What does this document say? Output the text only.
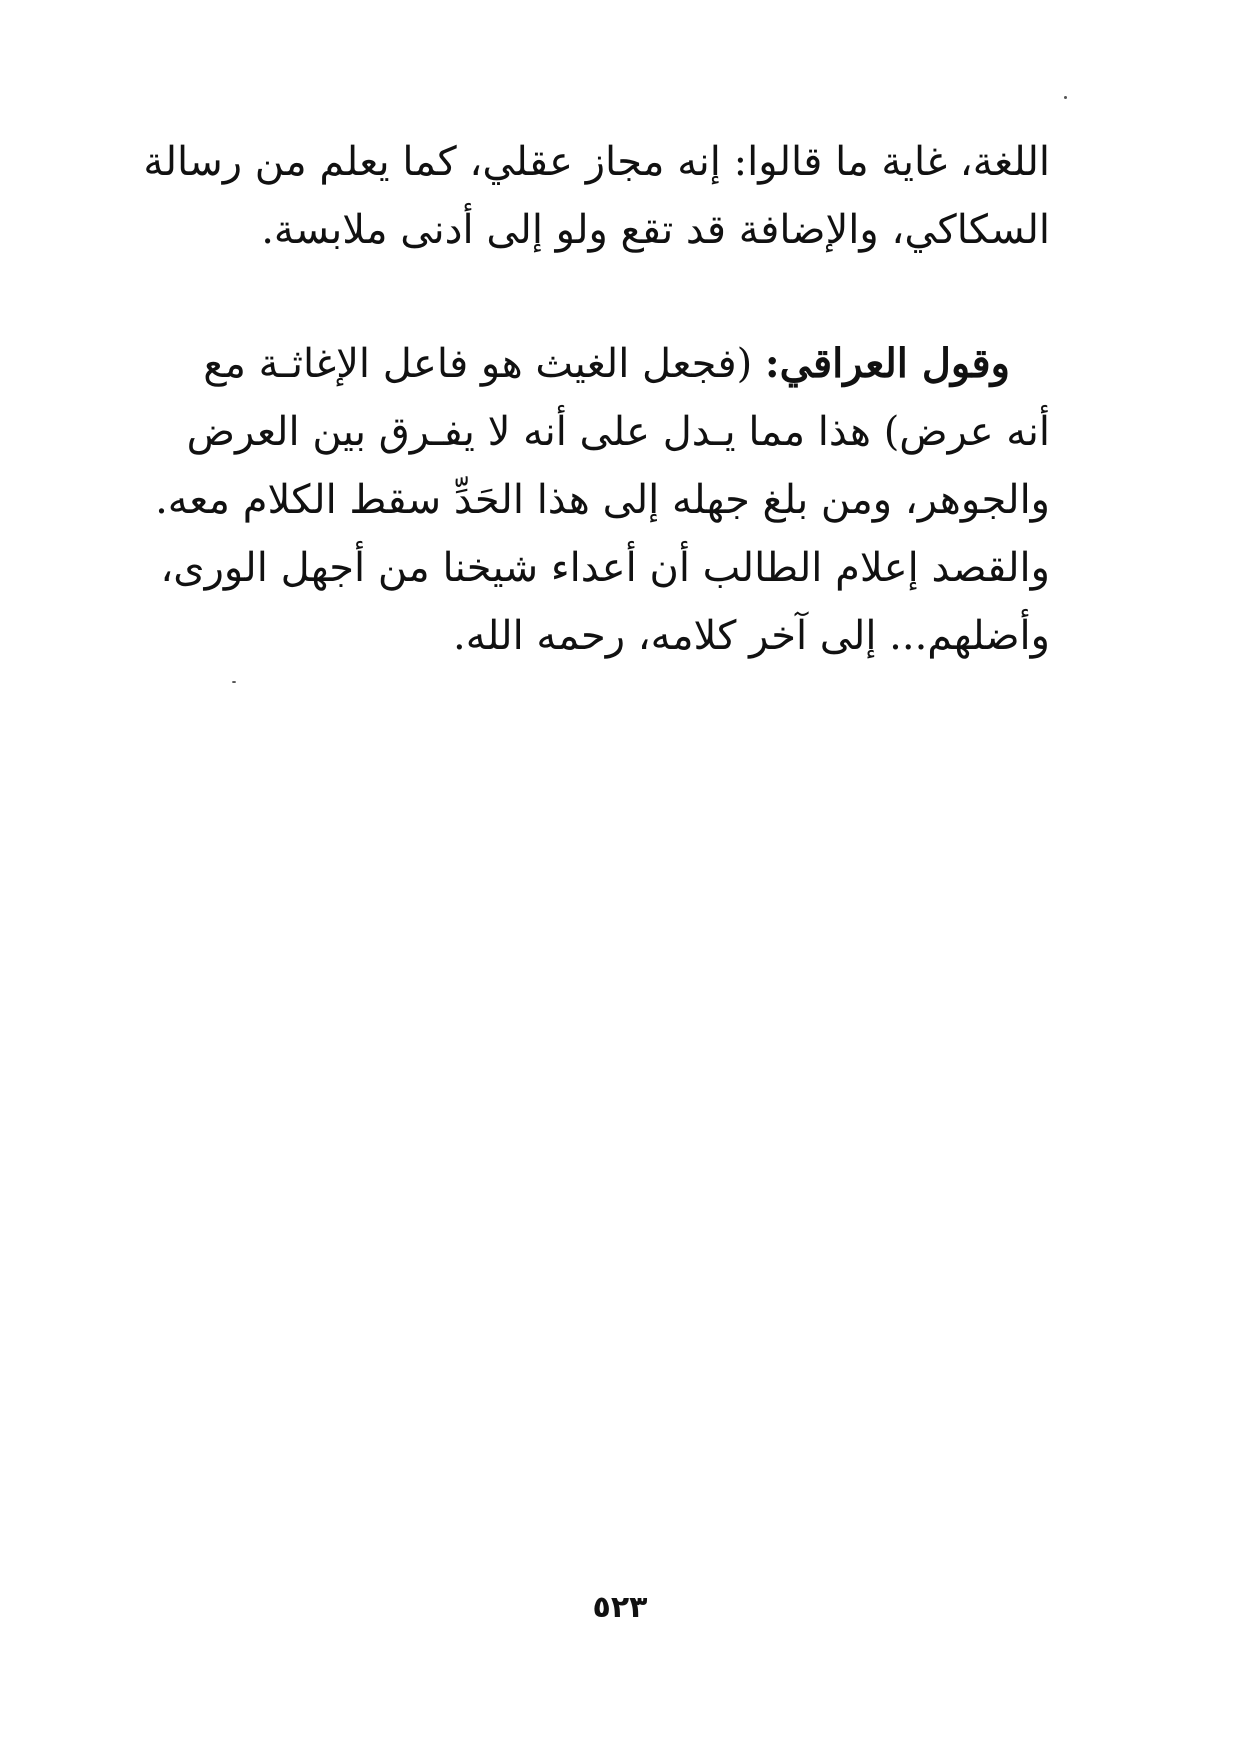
اللغة، غاية ما قالوا: إنه مجاز عقلي، كما يعلم من رسالة
السكاكي، والإضافة قد تقع ولو إلى أدنى ملابسة.
وقول العراقي: (فجعل الغيث هو فاعل الإغاثـة مع
أنه عرض) هذا مما يـدل على أنه لا يفـرق بين العرض
والجوهر، ومن بلغ جهله إلى هذا الحَدِّ سقط الكلام معه.
والقصد إعلام الطالب أن أعداء شيخنا من أجهل الورى،
وأضلهم... إلى آخر كلامه، رحمه الله.
٥٢٣
